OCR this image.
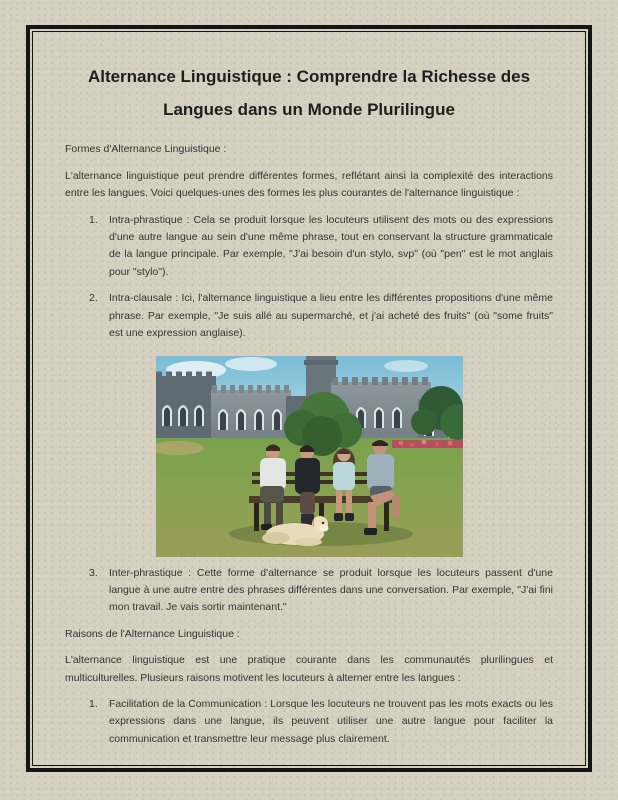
Alternance Linguistique : Comprendre la Richesse des
Langues dans un Monde Plurilingue

Formes d'Alternance Linguistique :

L'alternance linguistique peut prendre différentes formes, reflétant ainsi la complexité des interactions entre les langues. Voici quelques-unes des formes les plus courantes de l'alternance linguistique :

1.	Intra-phrastique : Cela se produit lorsque les locuteurs utilisent des mots ou des expressions d'une autre langue au sein d'une même phrase, tout en conservant la structure grammaticale de la langue principale. Par exemple, "J'ai besoin d'un stylo, svp" (où "pen" est le mot anglais pour "stylo").
2.	Intra-clausale : Ici, l'alternance linguistique a lieu entre les différentes propositions d'une même phrase. Par exemple, "Je suis allé au supermarché, et j'ai acheté des fruits" (où "some fruits" est une expression anglaise).
3.	Inter-phrastique : Cette forme d'alternance se produit lorsque les locuteurs passent d'une langue à une autre entre des phrases différentes dans une conversation. Par exemple, "J'ai fini mon travail. Je vais sortir maintenant."

Raisons de l'Alternance Linguistique :

L'alternance linguistique est une pratique courante dans les communautés plurilingues et multiculturelles. Plusieurs raisons motivent les locuteurs à alterner entre les langues :

1.	Facilitation de la Communication : Lorsque les locuteurs ne trouvent pas les mots exacts ou les expressions dans une langue, ils peuvent utiliser une autre langue pour faciliter la communication et transmettre leur message plus clairement.
